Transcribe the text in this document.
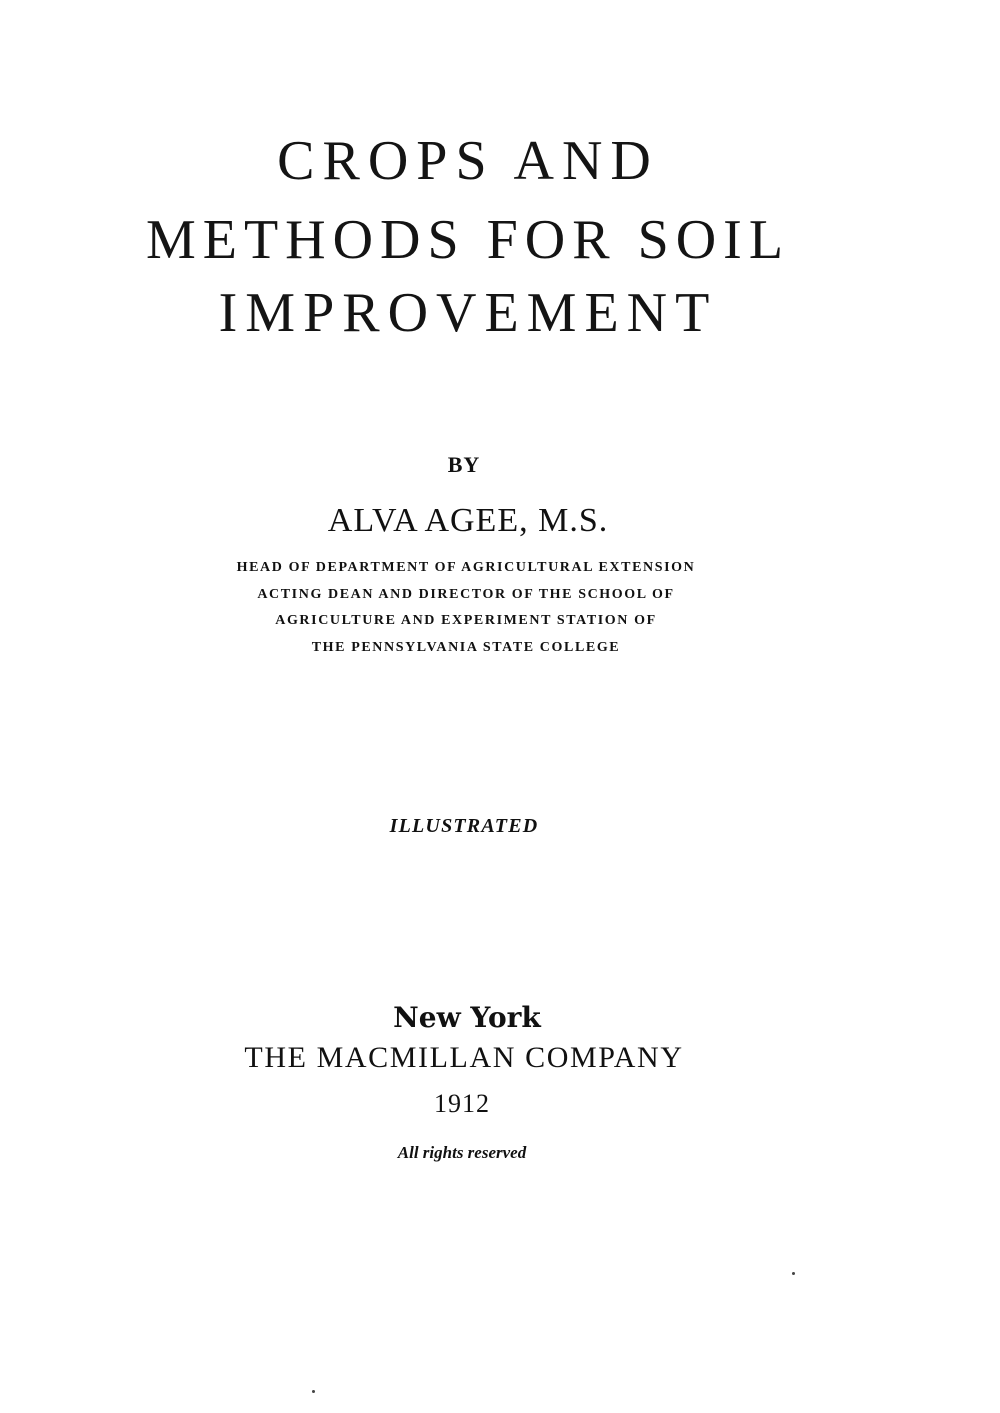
CROPS AND
METHODS FOR SOIL
IMPROVEMENT
BY
ALVA AGEE, M.S.
HEAD OF DEPARTMENT OF AGRICULTURAL EXTENSION
ACTING DEAN AND DIRECTOR OF THE SCHOOL OF
AGRICULTURE AND EXPERIMENT STATION OF
THE PENNSYLVANIA STATE COLLEGE
ILLUSTRATED
New York
THE MACMILLAN COMPANY
1912
All rights reserved
